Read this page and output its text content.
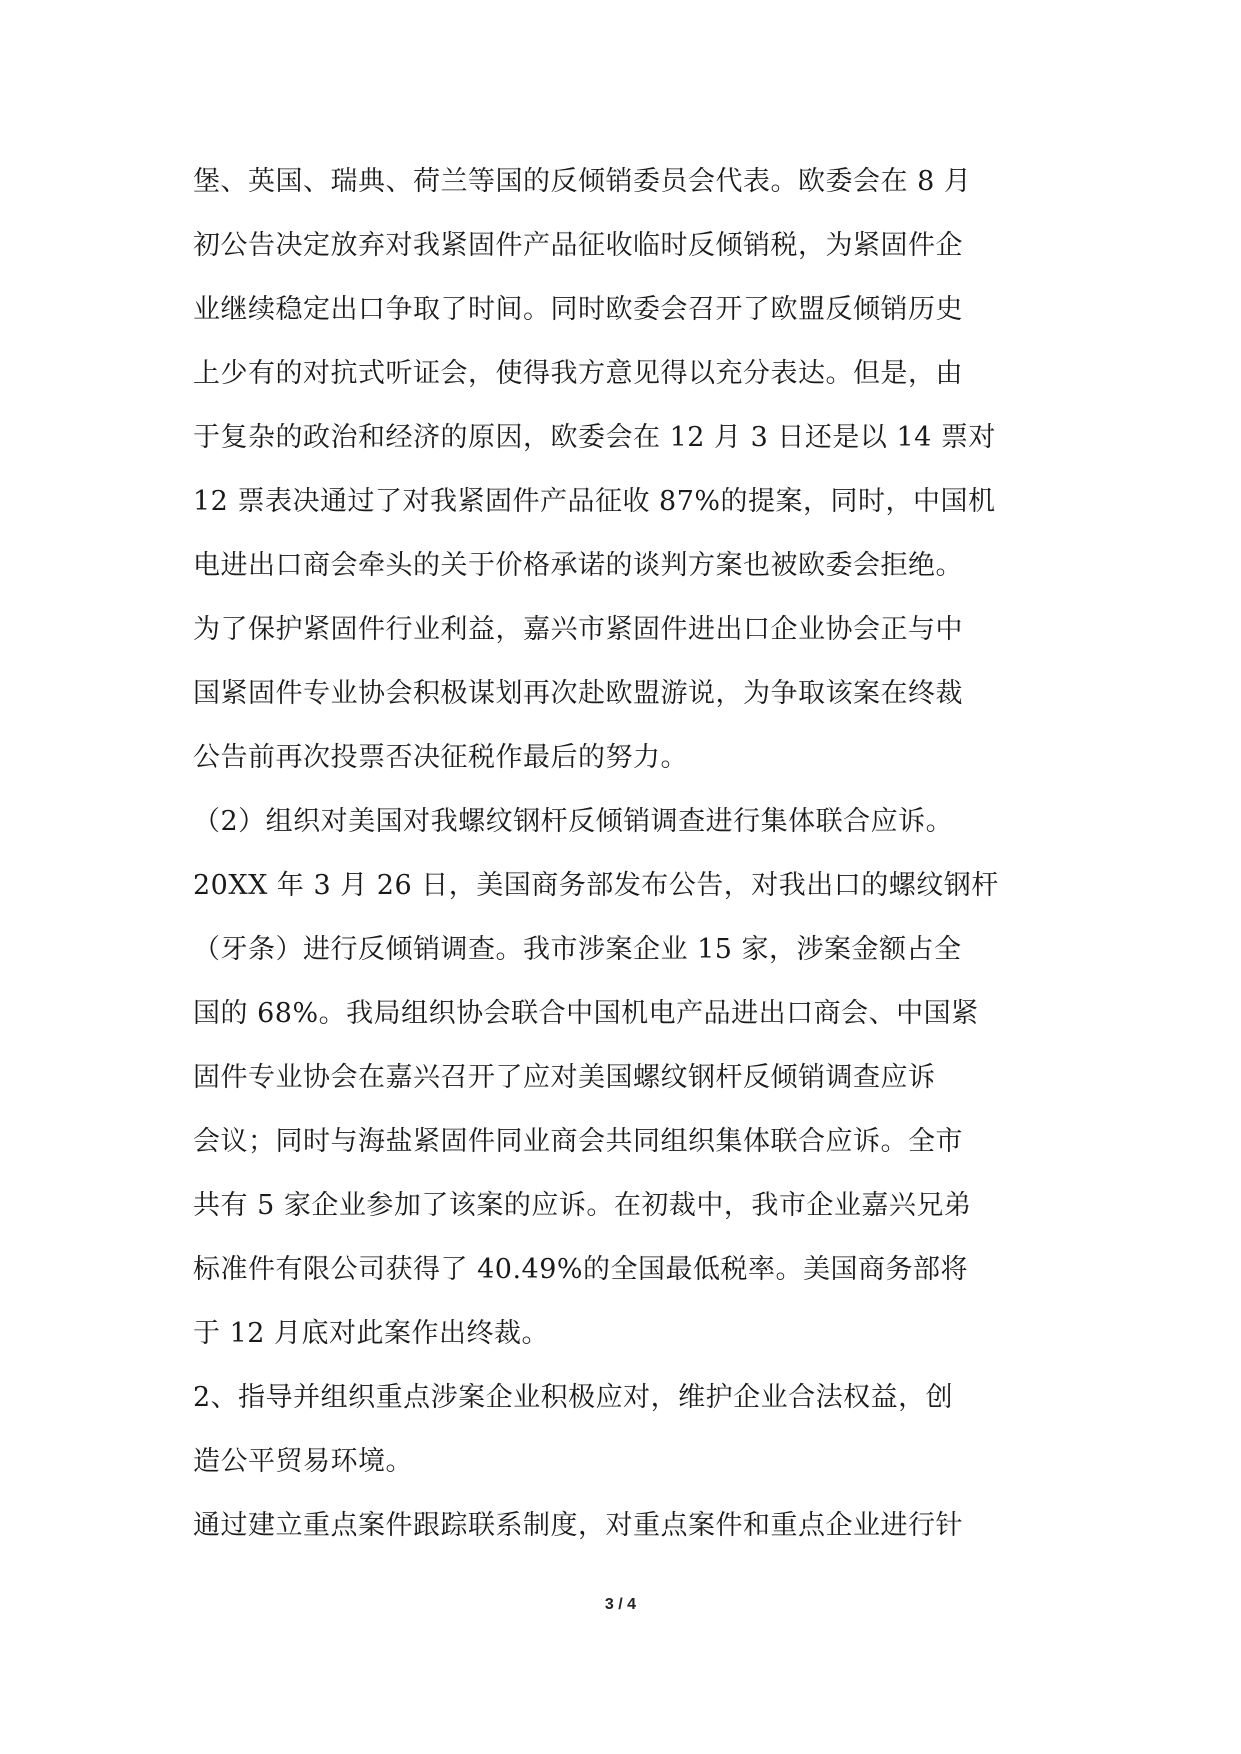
堡、英国、瑞典、荷兰等国的反倾销委员会代表。欧委会在 8 月
初公告决定放弃对我紧固件产品征收临时反倾销税，为紧固件企
业继续稳定出口争取了时间。同时欧委会召开了欧盟反倾销历史
上少有的对抗式听证会，使得我方意见得以充分表达。但是，由
于复杂的政治和经济的原因，欧委会在 12 月 3 日还是以 14 票对
12 票表决通过了对我紧固件产品征收 87%的提案，同时，中国机
电进出口商会牵头的关于价格承诺的谈判方案也被欧委会拒绝。
为了保护紧固件行业利益，嘉兴市紧固件进出口企业协会正与中
国紧固件专业协会积极谋划再次赴欧盟游说，为争取该案在终裁
公告前再次投票否决征税作最后的努力。
（2）组织对美国对我螺纹钢杆反倾销调查进行集体联合应诉。
20XX 年 3 月 26 日，美国商务部发布公告，对我出口的螺纹钢杆
（牙条）进行反倾销调查。我市涉案企业 15 家，涉案金额占全
国的 68%。我局组织协会联合中国机电产品进出口商会、中国紧
固件专业协会在嘉兴召开了应对美国螺纹钢杆反倾销调查应诉
会议；同时与海盐紧固件同业商会共同组织集体联合应诉。全市
共有 5 家企业参加了该案的应诉。在初裁中，我市企业嘉兴兄弟
标准件有限公司获得了 40.49%的全国最低税率。美国商务部将
于 12 月底对此案作出终裁。
2、指导并组织重点涉案企业积极应对，维护企业合法权益，创
造公平贸易环境。
通过建立重点案件跟踪联系制度，对重点案件和重点企业进行针
3 / 4
